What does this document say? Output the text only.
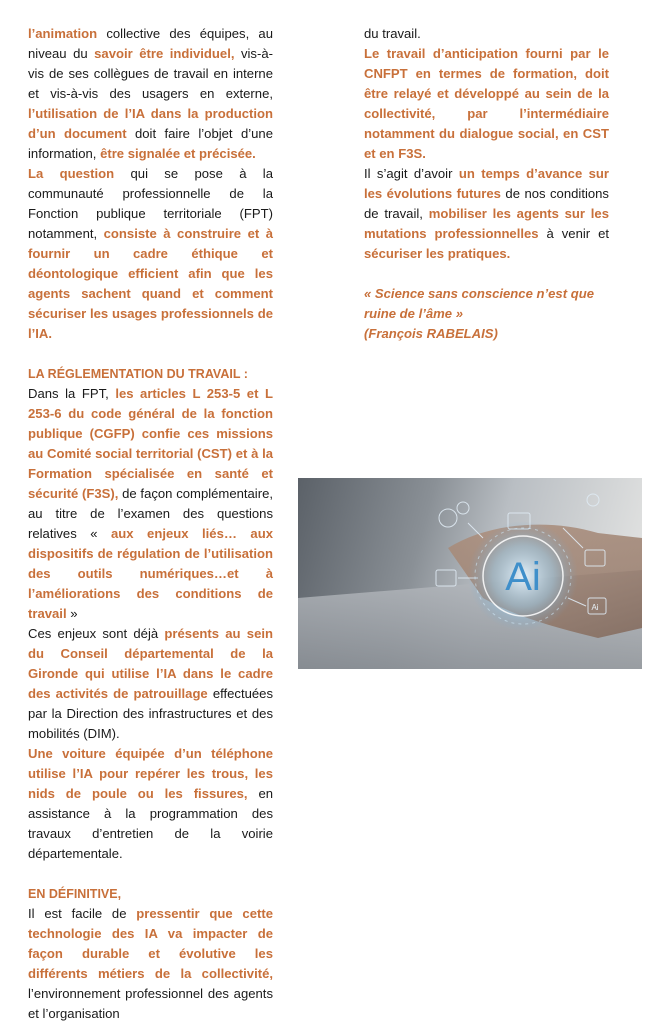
l’animation collective des équipes, au niveau du savoir être individuel, vis-à-vis de ses collègues de travail en interne et vis-à-vis des usagers en externe, l’utilisation de l’IA dans la production d’un document doit faire l’objet d’une information, être signalée et précisée.

La question qui se pose à la communauté professionnelle de la Fonction publique territoriale (FPT) notamment, consiste à construire et à fournir un cadre éthique et déontologique efficient afin que les agents sachent quand et comment sécuriser les usages professionnels de l’IA.

LA RÉGLEMENTATION DU TRAVAIL :

Dans la FPT, les articles L 253-5 et L 253-6 du code général de la fonction publique (CGFP) confie ces missions au Comité social territorial (CST) et à la Formation spécialisée en santé et sécurité (F3S), de façon complémentaire, au titre de l’examen des questions relatives « aux enjeux liés… aux dispositifs de régulation de l’utilisation des outils numériques…et à l’améliorations des conditions de travail »

Ces enjeux sont déjà présents au sein du Conseil départemental de la Gironde qui utilise l’IA dans le cadre des activités de patrouillage effectuées par la Direction des infrastructures et des mobilités (DIM).

Une voiture équipée d’un téléphone utilise l’IA pour repérer les trous, les nids de poule ou les fissures, en assistance à la programmation des travaux d’entretien de la voirie départementale.

EN DÉFINITIVE,

Il est facile de pressentir que cette technologie des IA va impacter de façon durable et évolutive les différents métiers de la collectivité, l’environnement professionnel des agents et l’organisation

du travail.

Le travail d’anticipation fourni par le CNFPT en termes de formation, doit être relayé et développé au sein de la collectivité, par l’intermédiaire notamment du dialogue social, en CST et en F3S.

Il s’agit d’avoir un temps d’avance sur les évolutions futures de nos conditions de travail, mobiliser les agents sur les mutations professionnelles à venir et sécuriser les pratiques.

« Science sans conscience n’est que ruine de l’âme »

(François RABELAIS)

Ai
Ai
